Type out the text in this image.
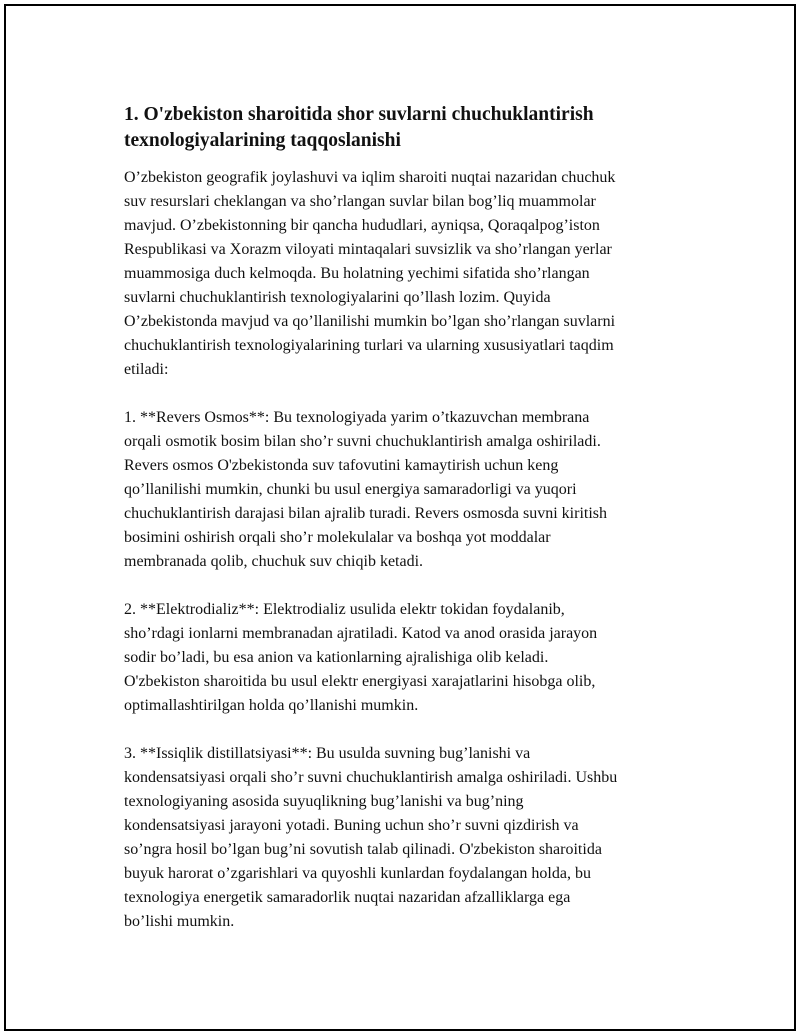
1. O'zbekiston sharoitida shor suvlarni chuchuklantirish
texnologiyalarining taqqoslanishi

O’zbekiston geografik joylashuvi va iqlim sharoiti nuqtai nazaridan chuchuk
suv resurslari cheklangan va sho’rlangan suvlar bilan bog’liq muammolar
mavjud. O’zbekistonning bir qancha hududlari, ayniqsa, Qoraqalpog’iston
Respublikasi va Xorazm viloyati mintaqalari suvsizlik va sho’rlangan yerlar
muammosiga duch kelmoqda. Bu holatning yechimi sifatida sho’rlangan
suvlarni chuchuklantirish texnologiyalarini qo’llash lozim. Quyida
O’zbekistonda mavjud va qo’llanilishi mumkin bo’lgan sho’rlangan suvlarni
chuchuklantirish texnologiyalarining turlari va ularning xususiyatlari taqdim
etiladi:

1. **Revers Osmos**: Bu texnologiyada yarim o’tkazuvchan membrana
orqali osmotik bosim bilan sho’r suvni chuchuklantirish amalga oshiriladi.
Revers osmos O'zbekistonda suv tafovutini kamaytirish uchun keng
qo’llanilishi mumkin, chunki bu usul energiya samaradorligi va yuqori
chuchuklantirish darajasi bilan ajralib turadi. Revers osmosda suvni kiritish
bosimini oshirish orqali sho’r molekulalar va boshqa yot moddalar
membranada qolib, chuchuk suv chiqib ketadi.

2. **Elektrodializ**: Elektrodializ usulida elektr tokidan foydalanib,
sho’rdagi ionlarni membranadan ajratiladi. Katod va anod orasida jarayon
sodir bo’ladi, bu esa anion va kationlarning ajralishiga olib keladi.
O'zbekiston sharoitida bu usul elektr energiyasi xarajatlarini hisobga olib,
optimallashtirilgan holda qo’llanishi mumkin.

3. **Issiqlik distillatsiyasi**: Bu usulda suvning bug’lanishi va
kondensatsiyasi orqali sho’r suvni chuchuklantirish amalga oshiriladi. Ushbu
texnologiyaning asosida suyuqlikning bug’lanishi va bug’ning
kondensatsiyasi jarayoni yotadi. Buning uchun sho’r suvni qizdirish va
so’ngra hosil bo’lgan bug’ni sovutish talab qilinadi. O'zbekiston sharoitida
buyuk harorat o’zgarishlari va quyoshli kunlardan foydalangan holda, bu
texnologiya energetik samaradorlik nuqtai nazaridan afzalliklarga ega
bo’lishi mumkin.
